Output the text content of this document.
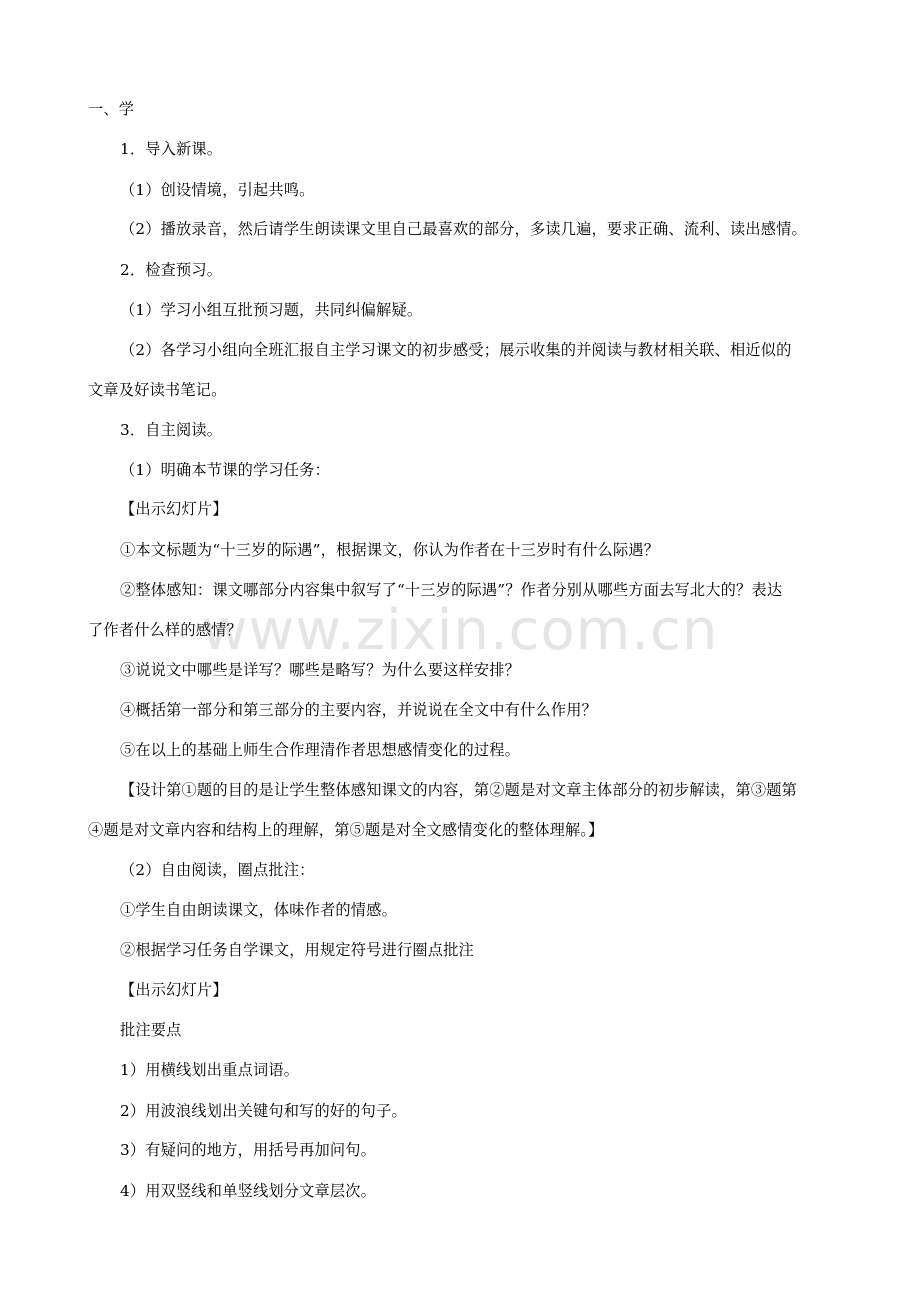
www.zixin.com.cn
一、学
1．导入新课。
（1）创设情境，引起共鸣。
（2）播放录音，然后请学生朗读课文里自己最喜欢的部分，多读几遍，要求正确、流利、读出感情。
2．检查预习。
（1）学习小组互批预习题，共同纠偏解疑。
（2）各学习小组向全班汇报自主学习课文的初步感受；展示收集的并阅读与教材相关联、相近似的
文章及好读书笔记。
3．自主阅读。
（1）明确本节课的学习任务：
【出示幻灯片】
①本文标题为“十三岁的际遇”，根据课文，你认为作者在十三岁时有什么际遇？
②整体感知：课文哪部分内容集中叙写了“十三岁的际遇”？作者分别从哪些方面去写北大的？表达
了作者什么样的感情？
③说说文中哪些是详写？哪些是略写？为什么要这样安排？
④概括第一部分和第三部分的主要内容，并说说在全文中有什么作用？
⑤在以上的基础上师生合作理清作者思想感情变化的过程。
【设计第①题的目的是让学生整体感知课文的内容，第②题是对文章主体部分的初步解读，第③题第
④题是对文章内容和结构上的理解，第⑤题是对全文感情变化的整体理解。】
（2）自由阅读，圈点批注：
①学生自由朗读课文，体味作者的情感。
②根据学习任务自学课文，用规定符号进行圈点批注
【出示幻灯片】
批注要点
1）用横线划出重点词语。
2）用波浪线划出关键句和写的好的句子。
3）有疑问的地方，用括号再加问句。
4）用双竖线和单竖线划分文章层次。
